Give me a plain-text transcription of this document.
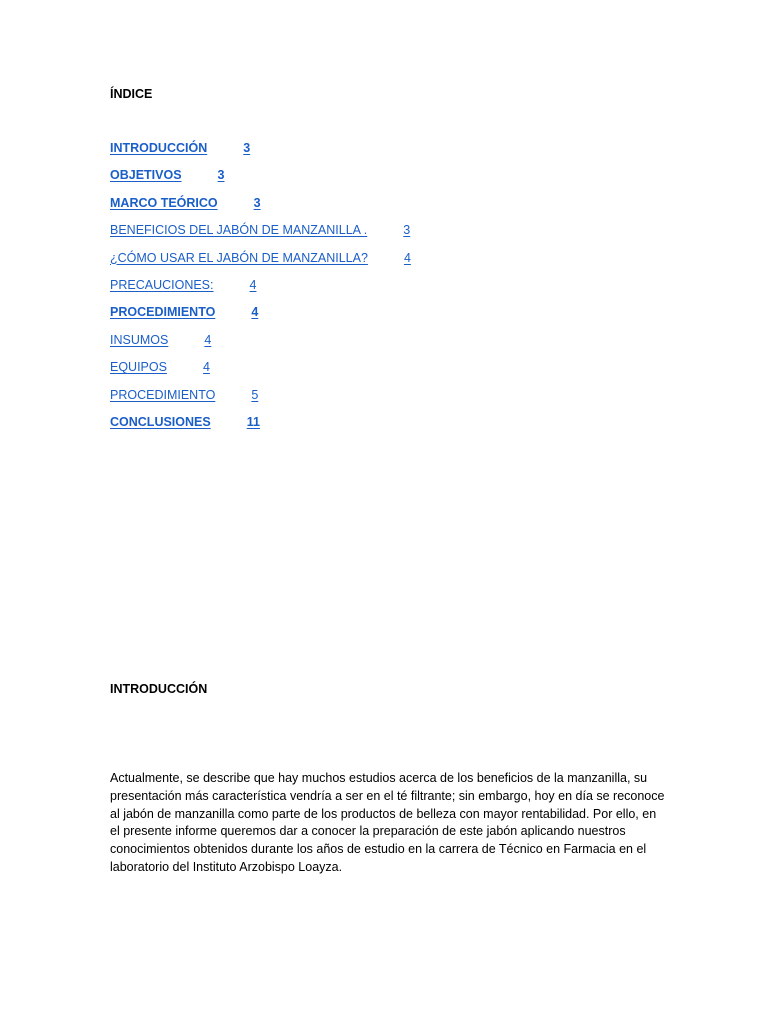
ÍNDICE
INTRODUCCIÓN	3
OBJETIVOS	3
MARCO TEÓRICO	3
BENEFICIOS DEL JABÓN DE MANZANILLA .	3
¿CÓMO USAR EL JABÓN DE MANZANILLA?	4
PRECAUCIONES:	4
PROCEDIMIENTO	4
INSUMOS	4
EQUIPOS	4
PROCEDIMIENTO	5
CONCLUSIONES	11
INTRODUCCIÓN

Actualmente, se describe que hay muchos estudios acerca de los beneficios de la manzanilla, su presentación más característica vendría a ser en el té filtrante; sin embargo, hoy en día se reconoce al jabón de manzanilla como parte de los productos de belleza con mayor rentabilidad. Por ello, en el presente informe queremos dar a conocer la preparación de este jabón aplicando nuestros conocimientos obtenidos durante los años de estudio en la carrera de Técnico en Farmacia en el laboratorio del Instituto Arzobispo Loayza.
